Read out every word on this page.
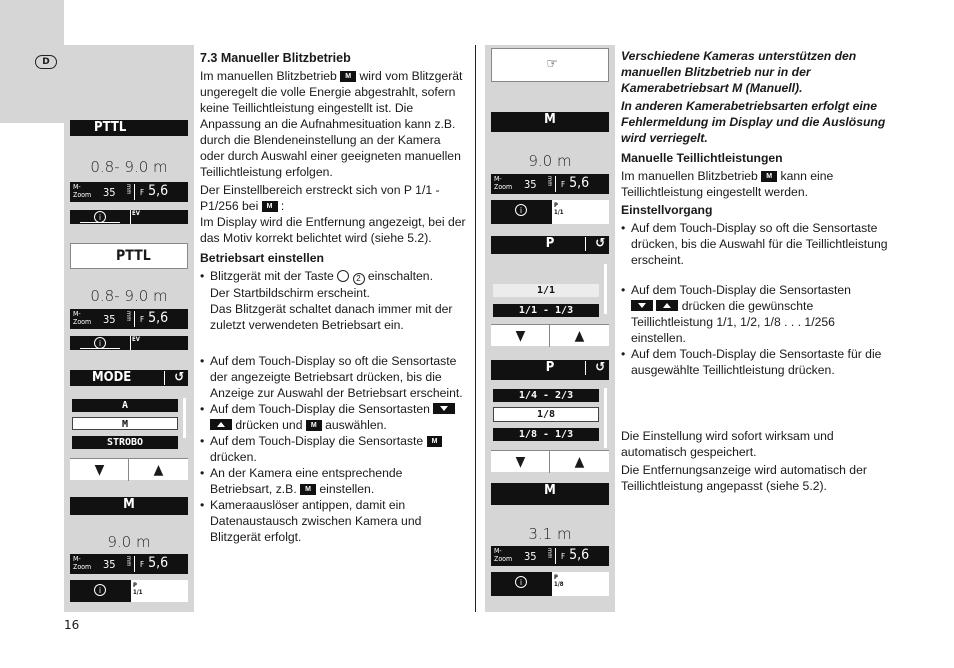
D
16
PTTL
0.8- 9.0 m
M-
Zoom 35 mm F 5,6
i	EV
PTTL
0.8- 9.0 m
M-
Zoom 35 mm F 5,6
i	EV
MODE	↺
A
M
STROBO
▼	▲
M
9.0 m
M-
Zoom 35 mm F 5,6
i
P
1/1
☞
M
9.0 m
M-
Zoom 35 mm F 5,6
i
P
1/1
P	↺
1/1
1/1 - 1/3
▼	▲
P	↺
1/4 - 2/3
1/8
1/8 - 1/3
▼	▲
M
3.1 m
M-
Zoom 35 mm F 5,6
i
P
1/8
7.3 Manueller Blitzbetrieb

Im manuellen Blitzbetrieb M wird vom Blitzgerät ungeregelt die volle Energie abgestrahlt, sofern keine Teillichtleistung eingestellt ist. Die Anpassung an die Aufnahmesituation kann z.B. durch die Blendeneinstellung an der Kamera oder durch Auswahl einer geeigneten manuellen Teillichtleistung erfolgen.

Der Einstellbereich erstreckt sich von P 1/1 - P1/256 bei M :
Im Display wird die Entfernung angezeigt, bei der das Motiv korrekt belichtet wird (siehe 5.2).

Betriebsart einstellen

• Blitzgerät mit der Taste	2 einschalten.
Der Startbildschirm erscheint.
Das Blitzgerät schaltet danach immer mit der zuletzt verwendeten Betriebsart ein.
• Auf dem Touch-Display so oft die Sensortaste der angezeigte Betriebsart drücken, bis die Anzeige zur Auswahl der Betriebsart erscheint.
• Auf dem Touch-Display die Sensortasten   drücken und M auswählen.
• Auf dem Touch-Display die Sensortaste M drücken.
• An der Kamera eine entsprechende Betriebsart, z.B. M einstellen.
• Kameraauslöser antippen, damit ein Datenaustausch zwischen Kamera und Blitzgerät erfolgt.

Verschiedene Kameras unterstützen den manuellen Blitzbetrieb nur in der Kamerabetriebsart M (Manuell).

In anderen Kamerabetriebsarten erfolgt eine Fehlermeldung im Display und die Auslösung wird verriegelt.

Manuelle Teillichtleistungen

Im manuellen Blitzbetrieb M kann eine Teillichtleistung eingestellt werden.

Einstellvorgang

• Auf dem Touch-Display so oft die Sensortaste drücken, bis die Auswahl für die Teillichtleistung erscheint.
• Auf dem Touch-Display die Sensortasten
drücken die gewünschte Teillichtleistung 1/1, 1/2, 1/8 . . . 1/256 einstellen.
• Auf dem Touch-Display die Sensortaste für die ausgewählte Teillichtleistung drücken.

Die Einstellung wird sofort wirksam und automatisch gespeichert.

Die Entfernungsanzeige wird automatisch der Teillichtleistung angepasst (siehe 5.2).
